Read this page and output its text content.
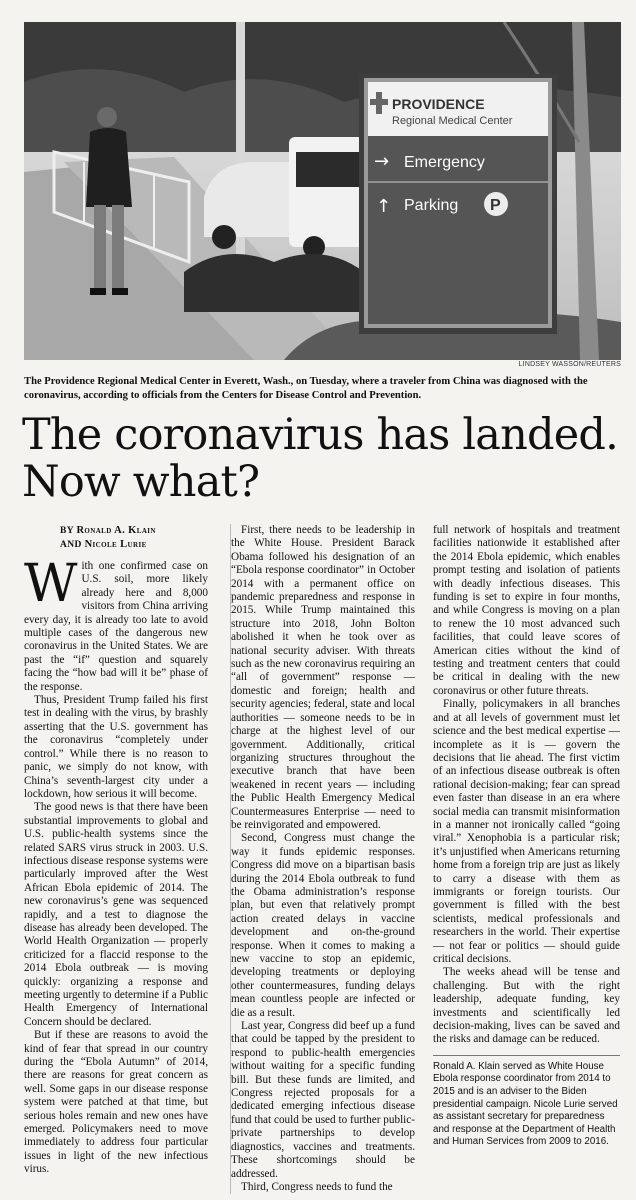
PROVIDENCE
Regional Medical Center
→ Emergency
↑ Parking P
LINDSEY WASSON/REUTERS
The Providence Regional Medical Center in Everett, Wash., on Tuesday, where a traveler from China was diagnosed with the coronavirus, according to officials from the Centers for Disease Control and Prevention.
The coronavirus has landed.
Now what?
BY Ronald A. Klain
AND Nicole Lurie

With one confirmed case on U.S. soil, more likely already here and 8,000 visitors from China arriving every day, it is already too late to avoid multiple cases of the dangerous new coronavirus in the United States. We are past the “if” question and squarely facing the “how bad will it be” phase of the response.

Thus, President Trump failed his first test in dealing with the virus, by brashly asserting that the U.S. government has the coronavirus “completely under control.” While there is no reason to panic, we simply do not know, with China’s seventh-largest city under a lockdown, how serious it will become.

The good news is that there have been substantial improvements to global and U.S. public-health systems since the related SARS virus struck in 2003. U.S. infectious disease response systems were particularly improved after the West African Ebola epidemic of 2014. The new coronavirus’s gene was sequenced rapidly, and a test to diagnose the disease has already been developed. The World Health Organization — properly criticized for a flaccid response to the 2014 Ebola outbreak — is moving quickly: organizing a response and meeting urgently to determine if a Public Health Emergency of International Concern should be declared.

But if these are reasons to avoid the kind of fear that spread in our country during the “Ebola Autumn” of 2014, there are reasons for great concern as well. Some gaps in our disease response system were patched at that time, but serious holes remain and new ones have emerged. Policymakers need to move immediately to address four particular issues in light of the new infectious virus.

First, there needs to be leadership in the White House. President Barack Obama followed his designation of an “Ebola response coordinator” in October 2014 with a permanent office on pandemic preparedness and response in 2015. While Trump maintained this structure into 2018, John Bolton abolished it when he took over as national security adviser. With threats such as the new coronavirus requiring an “all of government” response — domestic and foreign; health and security agencies; federal, state and local authorities — someone needs to be in charge at the highest level of our government. Additionally, critical organizing structures throughout the executive branch that have been weakened in recent years — including the Public Health Emergency Medical Countermeasures Enterprise — need to be reinvigorated and empowered.

Second, Congress must change the way it funds epidemic responses. Congress did move on a bipartisan basis during the 2014 Ebola outbreak to fund the Obama administration’s response plan, but even that relatively prompt action created delays in vaccine development and on-the-ground response. When it comes to making a new vaccine to stop an epidemic, developing treatments or deploying other countermeasures, funding delays mean countless people are infected or die as a result.

Last year, Congress did beef up a fund that could be tapped by the president to respond to public-health emergencies without waiting for a specific funding bill. But these funds are limited, and Congress rejected proposals for a dedicated emerging infectious disease fund that could be used to further public-private partnerships to develop diagnostics, vaccines and treatments. These shortcomings should be addressed.

Third, Congress needs to fund the

full network of hospitals and treatment facilities nationwide it established after the 2014 Ebola epidemic, which enables prompt testing and isolation of patients with deadly infectious diseases. This funding is set to expire in four months, and while Congress is moving on a plan to renew the 10 most advanced such facilities, that could leave scores of American cities without the kind of testing and treatment centers that could be critical in dealing with the new coronavirus or other future threats.

Finally, policymakers in all branches and at all levels of government must let science and the best medical expertise — incomplete as it is — govern the decisions that lie ahead. The first victim of an infectious disease outbreak is often rational decision-making; fear can spread even faster than disease in an era where social media can transmit misinformation in a manner not ironically called “going viral.” Xenophobia is a particular risk; it’s unjustified when Americans returning home from a foreign trip are just as likely to carry a disease with them as immigrants or foreign tourists. Our government is filled with the best scientists, medical professionals and researchers in the world. Their expertise — not fear or politics — should guide critical decisions.

The weeks ahead will be tense and challenging. But with the right leadership, adequate funding, key investments and scientifically led decision-making, lives can be saved and the risks and damage can be reduced.

Ronald A. Klain served as White House Ebola response coordinator from 2014 to 2015 and is an adviser to the Biden presidential campaign. Nicole Lurie served as assistant secretary for preparedness and response at the Department of Health and Human Services from 2009 to 2016.
